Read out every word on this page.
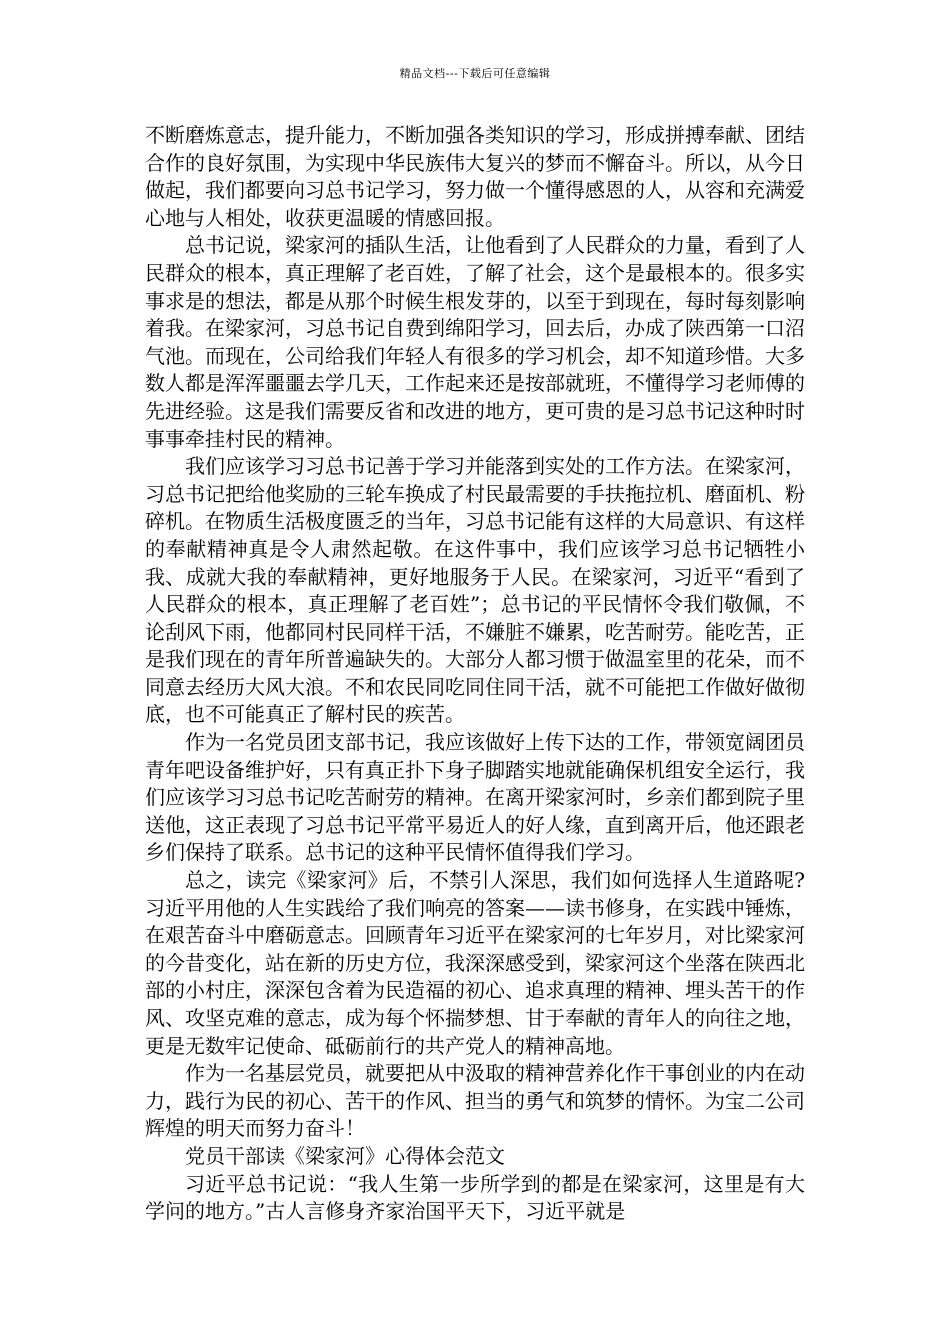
精品文档---下载后可任意编辑

不断磨炼意志，提升能力，不断加强各类知识的学习，形成拼搏奉献、团结合作的良好氛围，为实现中华民族伟大复兴的梦而不懈奋斗。所以，从今日做起，我们都要向习总书记学习，努力做一个懂得感恩的人，从容和充满爱心地与人相处，收获更温暖的情感回报。

总书记说，梁家河的插队生活，让他看到了人民群众的力量，看到了人民群众的根本，真正理解了老百姓，了解了社会，这个是最根本的。很多实事求是的想法，都是从那个时候生根发芽的，以至于到现在，每时每刻影响着我。在梁家河，习总书记自费到绵阳学习，回去后，办成了陕西第一口沼气池。而现在，公司给我们年轻人有很多的学习机会，却不知道珍惜。大多数人都是浑浑噩噩去学几天，工作起来还是按部就班，不懂得学习老师傅的先进经验。这是我们需要反省和改进的地方，更可贵的是习总书记这种时时事事牵挂村民的精神。

我们应该学习习总书记善于学习并能落到实处的工作方法。在梁家河，习总书记把给他奖励的三轮车换成了村民最需要的手扶拖拉机、磨面机、粉碎机。在物质生活极度匮乏的当年，习总书记能有这样的大局意识、有这样的奉献精神真是令人肃然起敬。在这件事中，我们应该学习总书记牺牲小我、成就大我的奉献精神，更好地服务于人民。在梁家河，习近平“看到了人民群众的根本，真正理解了老百姓”；总书记的平民情怀令我们敬佩，不论刮风下雨，他都同村民同样干活，不嫌脏不嫌累，吃苦耐劳。能吃苦，正是我们现在的青年所普遍缺失的。大部分人都习惯于做温室里的花朵，而不同意去经历大风大浪。不和农民同吃同住同干活，就不可能把工作做好做彻底，也不可能真正了解村民的疾苦。

作为一名党员团支部书记，我应该做好上传下达的工作，带领宽阔团员青年吧设备维护好，只有真正扑下身子脚踏实地就能确保机组安全运行，我们应该学习习总书记吃苦耐劳的精神。在离开梁家河时，乡亲们都到院子里送他，这正表现了习总书记平常平易近人的好人缘，直到离开后，他还跟老乡们保持了联系。总书记的这种平民情怀值得我们学习。

总之，读完《梁家河》后，不禁引人深思，我们如何选择人生道路呢?习近平用他的人生实践给了我们响亮的答案——读书修身，在实践中锤炼，在艰苦奋斗中磨砺意志。回顾青年习近平在梁家河的七年岁月，对比梁家河的今昔变化，站在新的历史方位，我深深感受到，梁家河这个坐落在陕西北部的小村庄，深深包含着为民造福的初心、追求真理的精神、埋头苦干的作风、攻坚克难的意志，成为每个怀揣梦想、甘于奉献的青年人的向往之地，更是无数牢记使命、砥砺前行的共产党人的精神高地。

作为一名基层党员，就要把从中汲取的精神营养化作干事创业的内在动力，践行为民的初心、苦干的作风、担当的勇气和筑梦的情怀。为宝二公司辉煌的明天而努力奋斗！

党员干部读《梁家河》心得体会范文

习近平总书记说：“我人生第一步所学到的都是在梁家河，这里是有大学问的地方。”古人言修身齐家治国平天下，习近平就是
